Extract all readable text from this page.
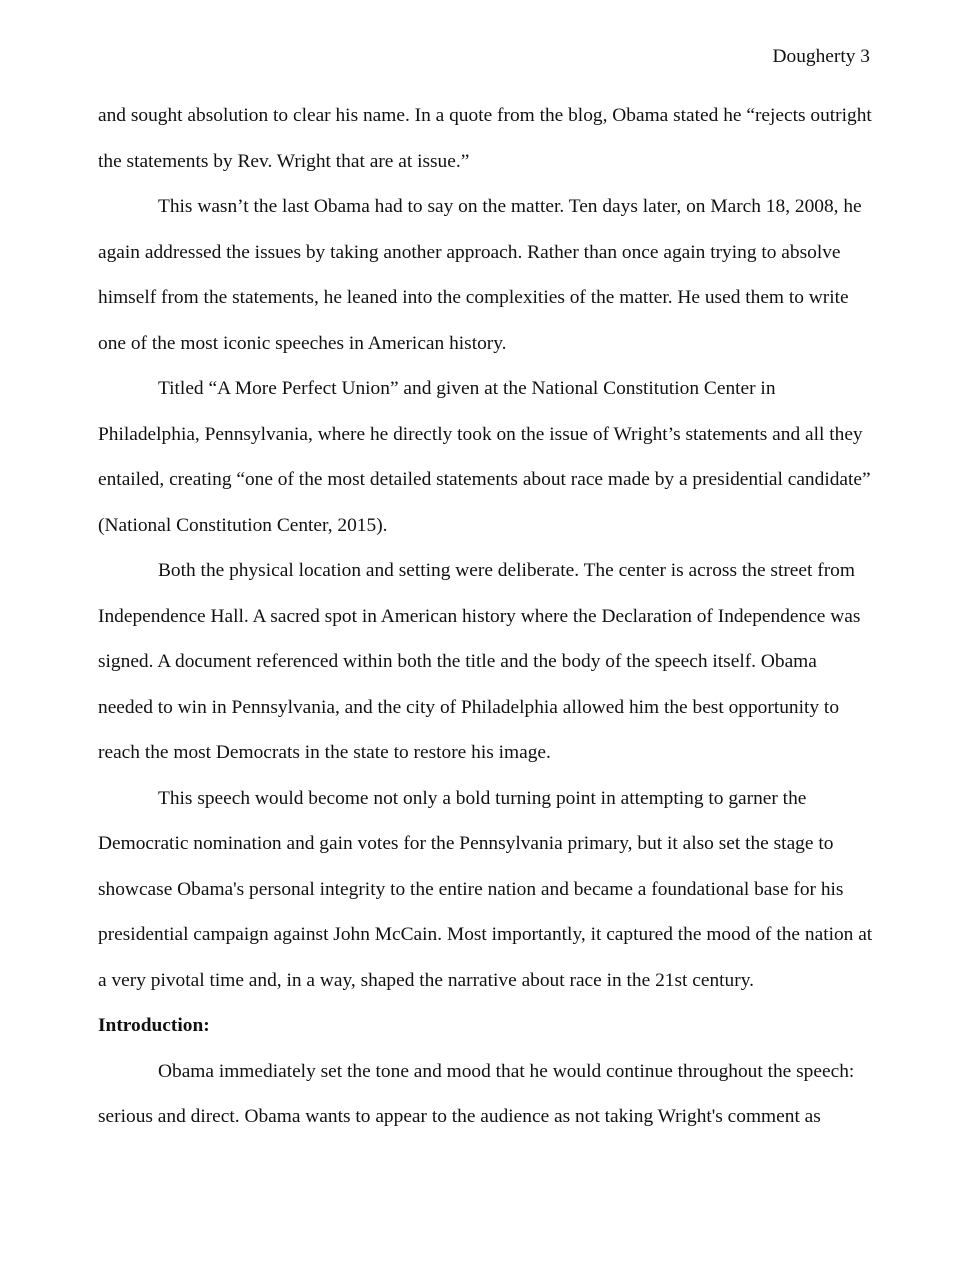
Dougherty 3

and sought absolution to clear his name. In a quote from the blog, Obama stated he “rejects outright the statements by Rev. Wright that are at issue.”

This wasn’t the last Obama had to say on the matter. Ten days later, on March 18, 2008, he again addressed the issues by taking another approach. Rather than once again trying to absolve himself from the statements, he leaned into the complexities of the matter. He used them to write one of the most iconic speeches in American history.

Titled “A More Perfect Union” and given at the National Constitution Center in Philadelphia, Pennsylvania, where he directly took on the issue of Wright’s statements and all they entailed, creating “one of the most detailed statements about race made by a presidential candidate” (National Constitution Center, 2015).

Both the physical location and setting were deliberate. The center is across the street from Independence Hall. A sacred spot in American history where the Declaration of Independence was signed. A document referenced within both the title and the body of the speech itself. Obama needed to win in Pennsylvania, and the city of Philadelphia allowed him the best opportunity to reach the most Democrats in the state to restore his image.

This speech would become not only a bold turning point in attempting to garner the Democratic nomination and gain votes for the Pennsylvania primary, but it also set the stage to showcase Obama's personal integrity to the entire nation and became a foundational base for his presidential campaign against John McCain. Most importantly, it captured the mood of the nation at a very pivotal time and, in a way, shaped the narrative about race in the 21st century.

Introduction:

Obama immediately set the tone and mood that he would continue throughout the speech: serious and direct. Obama wants to appear to the audience as not taking Wright's comment as
